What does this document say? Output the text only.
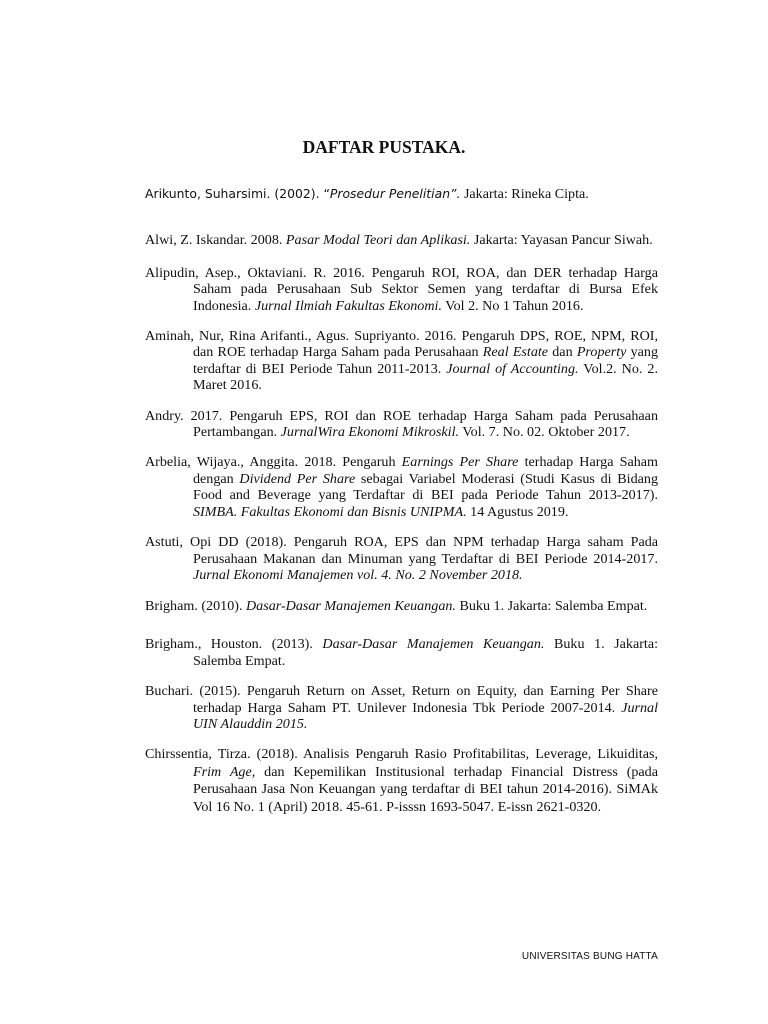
DAFTAR PUSTAKA.
Arikunto, Suharsimi. (2002). “Prosedur Penelitian”. Jakarta: Rineka Cipta.
Alwi, Z. Iskandar. 2008. Pasar Modal Teori dan Aplikasi. Jakarta: Yayasan Pancur Siwah.
Alipudin, Asep., Oktaviani. R. 2016. Pengaruh ROI, ROA, dan DER terhadap Harga Saham pada Perusahaan Sub Sektor Semen yang terdaftar di Bursa Efek Indonesia. Jurnal Ilmiah Fakultas Ekonomi. Vol 2. No 1 Tahun 2016.
Aminah, Nur, Rina Arifanti., Agus. Supriyanto. 2016. Pengaruh DPS, ROE, NPM, ROI, dan ROE terhadap Harga Saham pada Perusahaan Real Estate dan Property yang terdaftar di BEI Periode Tahun 2011-2013. Journal of Accounting. Vol.2. No. 2. Maret 2016.
Andry. 2017. Pengaruh EPS, ROI dan ROE terhadap Harga Saham pada Perusahaan Pertambangan. JurnalWira Ekonomi Mikroskil. Vol. 7. No. 02. Oktober 2017.
Arbelia, Wijaya., Anggita. 2018. Pengaruh Earnings Per Share terhadap Harga Saham dengan Dividend Per Share sebagai Variabel Moderasi (Studi Kasus di Bidang Food and Beverage yang Terdaftar di BEI pada Periode Tahun 2013-2017). SIMBA. Fakultas Ekonomi dan Bisnis UNIPMA. 14 Agustus 2019.
Astuti, Opi DD (2018). Pengaruh ROA, EPS dan NPM terhadap Harga saham Pada Perusahaan Makanan dan Minuman yang Terdaftar di BEI Periode 2014-2017. Jurnal Ekonomi Manajemen vol. 4. No. 2 November 2018.
Brigham. (2010). Dasar-Dasar Manajemen Keuangan. Buku 1. Jakarta: Salemba Empat.
Brigham., Houston. (2013). Dasar-Dasar Manajemen Keuangan. Buku 1. Jakarta: Salemba Empat.
Buchari. (2015). Pengaruh Return on Asset, Return on Equity, dan Earning Per Share terhadap Harga Saham PT. Unilever Indonesia Tbk Periode 2007-2014. Jurnal UIN Alauddin 2015.
Chirssentia, Tirza. (2018). Analisis Pengaruh Rasio Profitabilitas, Leverage, Likuiditas, Frim Age, dan Kepemilikan Institusional terhadap Financial Distress (pada Perusahaan Jasa Non Keuangan yang terdaftar di BEI tahun 2014-2016). SiMAk Vol 16 No. 1 (April) 2018. 45-61. P-isssn 1693-5047. E-issn 2621-0320.
UNIVERSITAS BUNG HATTA
